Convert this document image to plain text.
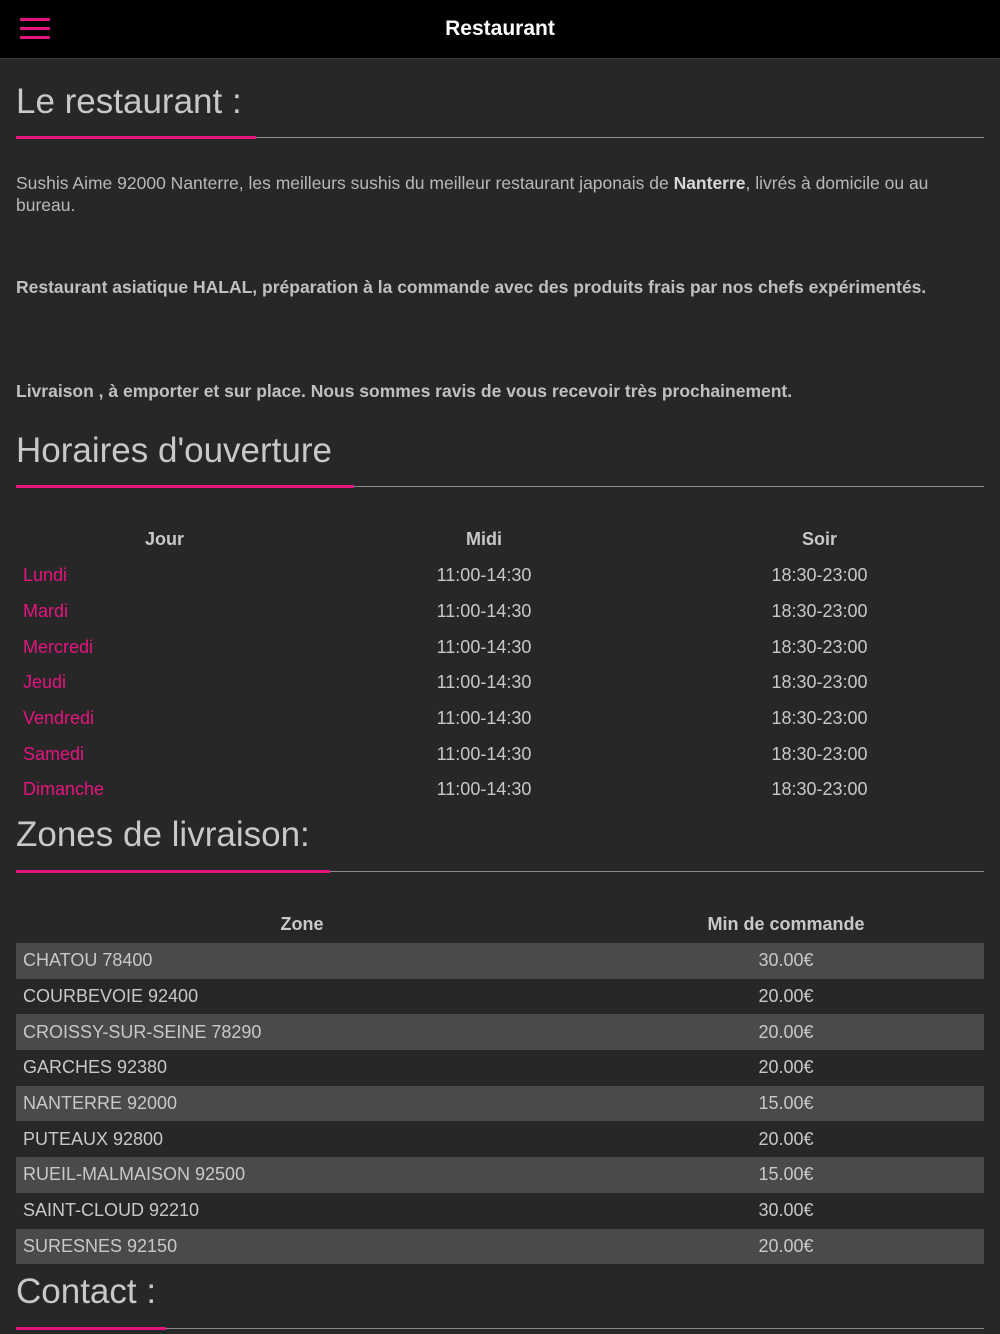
Restaurant
Le restaurant :
Sushis Aime 92000 Nanterre, les meilleurs sushis du meilleur restaurant japonais de Nanterre, livrés à domicile ou au bureau.
Restaurant asiatique HALAL, préparation à la commande avec des produits frais par nos chefs expérimentés.
Livraison , à emporter et sur place. Nous sommes ravis de vous recevoir très prochainement.
Horaires d'ouverture
Jour	Midi	Soir
Lundi	11:00-14:30	18:30-23:00
Mardi	11:00-14:30	18:30-23:00
Mercredi	11:00-14:30	18:30-23:00
Jeudi	11:00-14:30	18:30-23:00
Vendredi	11:00-14:30	18:30-23:00
Samedi	11:00-14:30	18:30-23:00
Dimanche	11:00-14:30	18:30-23:00
Zones de livraison:
Zone	Min de commande
CHATOU 78400	30.00€
COURBEVOIE 92400	20.00€
CROISSY-SUR-SEINE 78290	20.00€
GARCHES 92380	20.00€
NANTERRE 92000	15.00€
PUTEAUX 92800	20.00€
RUEIL-MALMAISON 92500	15.00€
SAINT-CLOUD 92210	30.00€
SURESNES 92150	20.00€
Contact :
